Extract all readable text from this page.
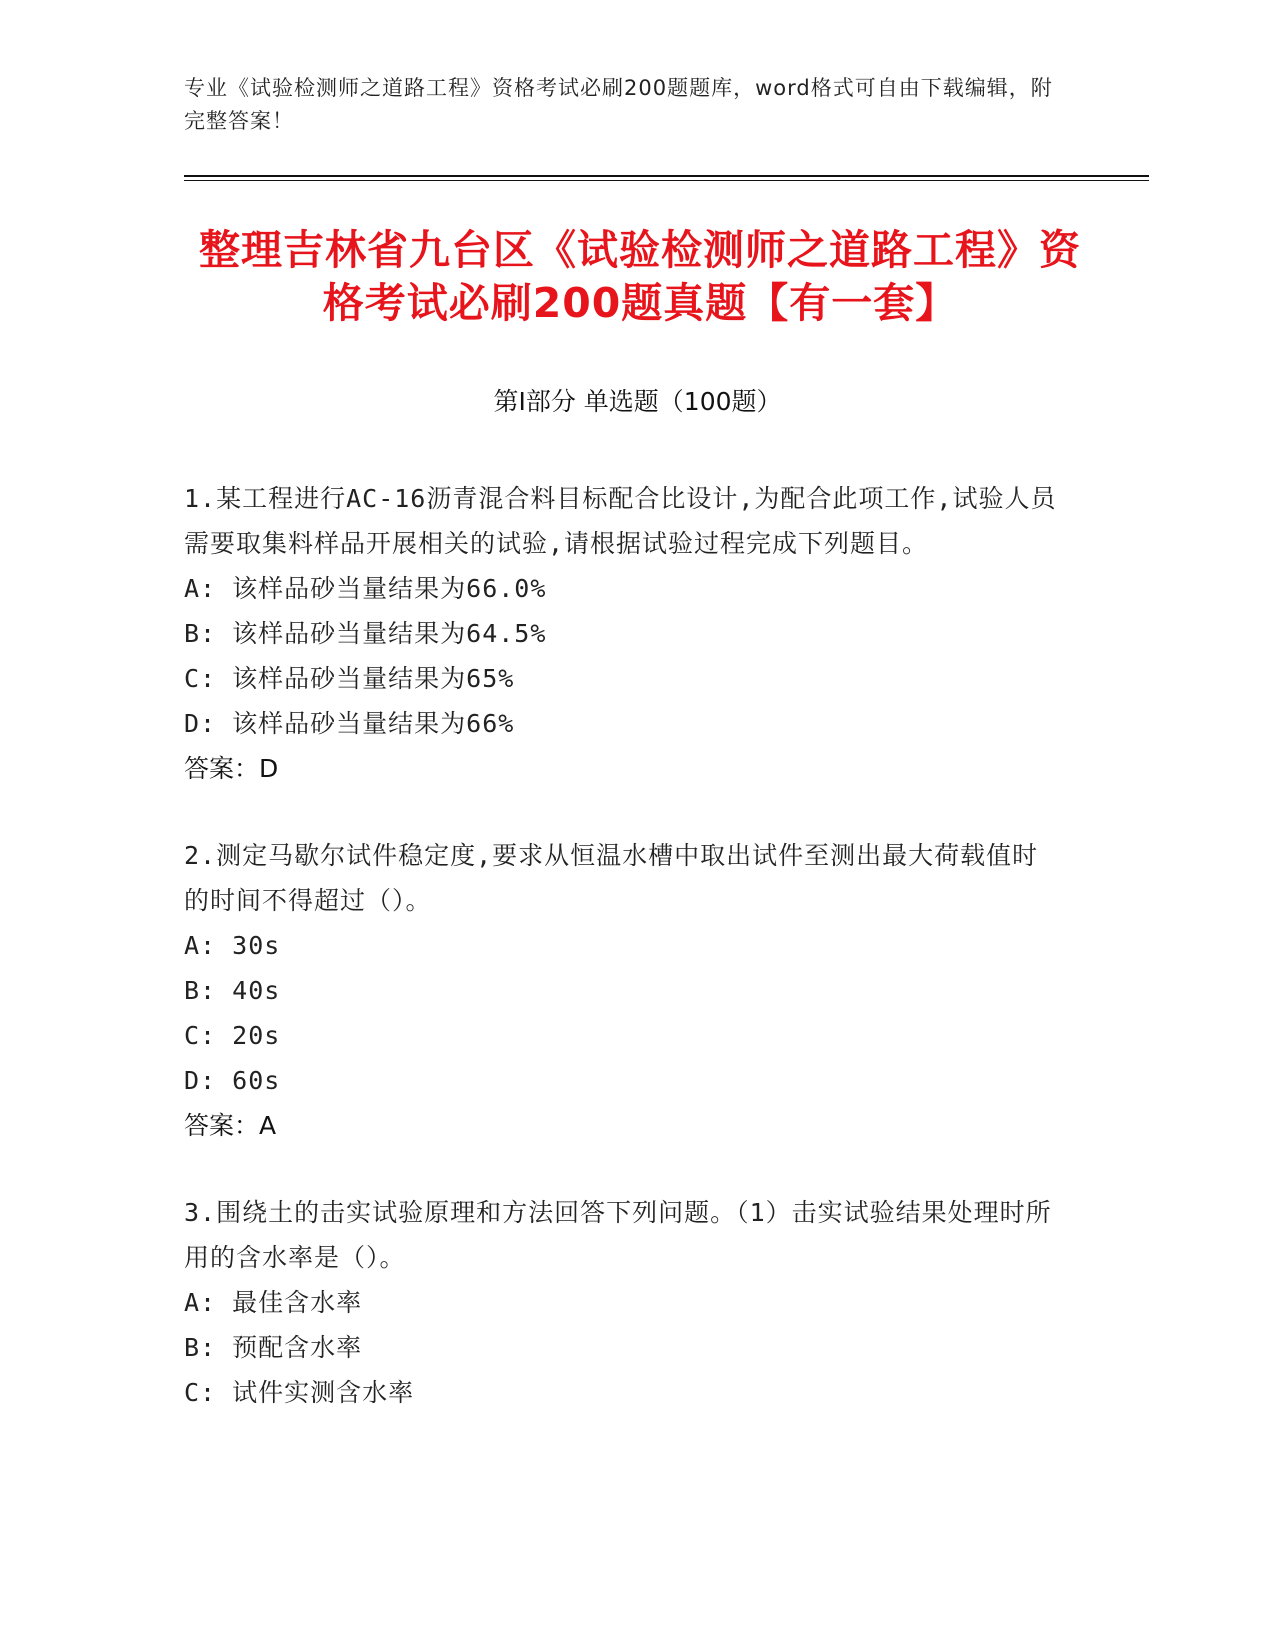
专业《试验检测师之道路工程》资格考试必刷200题题库，word格式可自由下载编辑，附完整答案！
整理吉林省九台区《试验检测师之道路工程》资格考试必刷200题真题【有一套】
第Ⅰ部分 单选题（100题）
1.某工程进行AC-16沥青混合料目标配合比设计,为配合此项工作,试验人员需要取集料样品开展相关的试验,请根据试验过程完成下列题目。
A: 该样品砂当量结果为66.0%
B: 该样品砂当量结果为64.5%
C: 该样品砂当量结果为65%
D: 该样品砂当量结果为66%
答案：D
2.测定马歇尔试件稳定度,要求从恒温水槽中取出试件至测出最大荷载值时的时间不得超过（）。
A: 30s
B: 40s
C: 20s
D: 60s
答案：A
3.围绕土的击实试验原理和方法回答下列问题。（1）击实试验结果处理时所用的含水率是（）。
A: 最佳含水率
B: 预配含水率
C: 试件实测含水率
